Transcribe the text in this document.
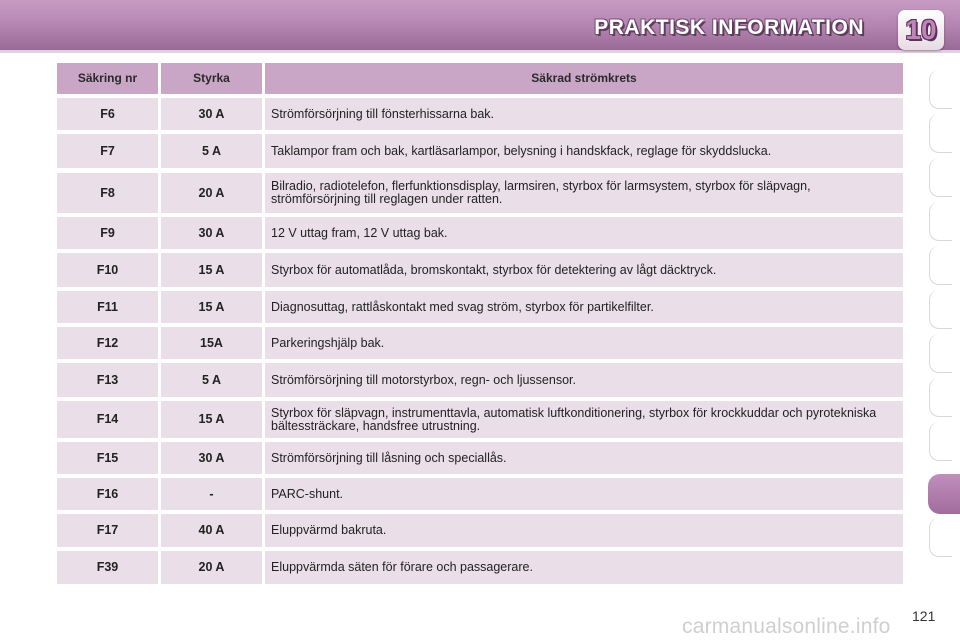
PRAKTISK INFORMATION 10
Säkring nr	Styrka	Säkrad strömkrets
F6	30 A	Strömförsörjning till fönsterhissarna bak.
F7	5 A	Taklampor fram och bak, kartläsarlampor, belysning i handskfack, reglage för skyddslucka.
F8	20 A	Bilradio, radiotelefon, flerfunktionsdisplay, larmsiren, styrbox för larmsystem, styrbox för släpvagn, strömförsörjning till reglagen under ratten.
F9	30 A	12 V uttag fram, 12 V uttag bak.
F10	15 A	Styrbox för automatlåda, bromskontakt, styrbox för detektering av lågt däcktryck.
F11	15 A	Diagnosuttag, rattlåskontakt med svag ström, styrbox för partikelfilter.
F12	15A	Parkeringshjälp bak.
F13	5 A	Strömförsörjning till motorstyrbox, regn- och ljussensor.
F14	15 A	Styrbox för släpvagn, instrumenttavla, automatisk luftkonditionering, styrbox för krockkuddar och pyrotekniska bältessträckare, handsfree utrustning.
F15	30 A	Strömförsörjning till låsning och speciallås.
F16	-	PARC-shunt.
F17	40 A	Eluppvärmd bakruta.
F39	20 A	Eluppvärmda säten för förare och passagerare.
121
carmanualsonline.info
